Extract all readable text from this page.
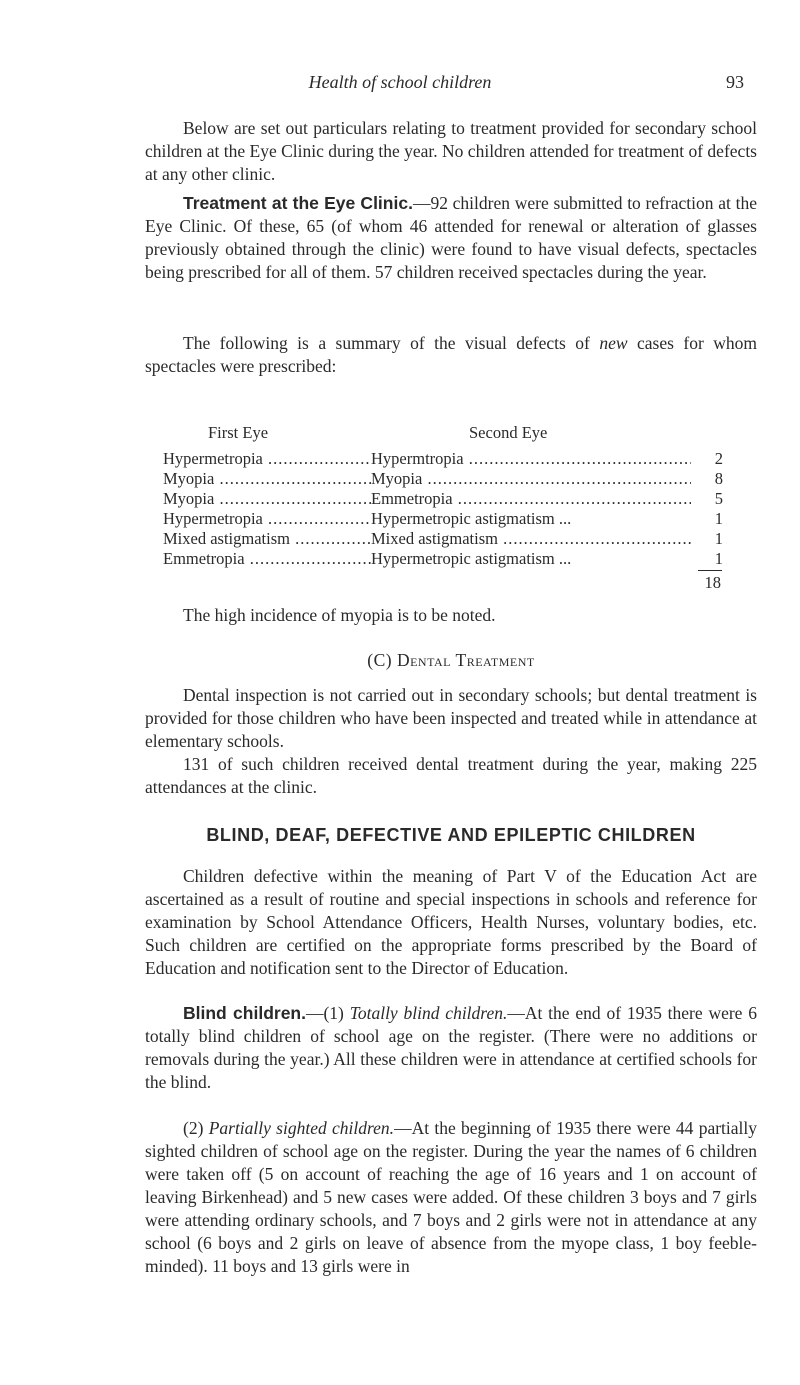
Health of school children	93

Below are set out particulars relating to treatment provided for secondary school children at the Eye Clinic during the year. No children attended for treatment of defects at any other clinic.

Treatment at the Eye Clinic.—92 children were submitted to refraction at the Eye Clinic. Of these, 65 (of whom 46 attended for renewal or alteration of glasses previously obtained through the clinic) were found to have visual defects, spectacles being prescribed for all of them. 57 children received spectacles during the year.

The following is a summary of the visual defects of new cases for whom spectacles were prescribed:

First Eye	Second Eye
Hypermetropia .....	Hypermtropia .....	2
Myopia .....	Myopia .....	8
Myopia .....	Emmetropia .....	5
Hypermetropia .....	Hypermetropic astigmatism ...	1
Mixed astigmatism .....	Mixed astigmatism .....	1
Emmetropia .....	Hypermetropic astigmatism ...	1
18

The high incidence of myopia is to be noted.

(C) Dental Treatment

Dental inspection is not carried out in secondary schools; but dental treatment is provided for those children who have been inspected and treated while in attendance at elementary schools.

131 of such children received dental treatment during the year, making 225 attendances at the clinic.

BLIND, DEAF, DEFECTIVE AND EPILEPTIC CHILDREN

Children defective within the meaning of Part V of the Education Act are ascertained as a result of routine and special inspections in schools and reference for examination by School Attendance Officers, Health Nurses, voluntary bodies, etc. Such children are certified on the appropriate forms prescribed by the Board of Education and notification sent to the Director of Education.

Blind children.—(1) Totally blind children.—At the end of 1935 there were 6 totally blind children of school age on the register. (There were no additions or removals during the year.) All these children were in attendance at certified schools for the blind.

(2) Partially sighted children.—At the beginning of 1935 there were 44 partially sighted children of school age on the register. During the year the names of 6 children were taken off (5 on account of reaching the age of 16 years and 1 on account of leaving Birkenhead) and 5 new cases were added. Of these children 3 boys and 7 girls were attending ordinary schools, and 7 boys and 2 girls were not in attendance at any school (6 boys and 2 girls on leave of absence from the myope class, 1 boy feeble-minded). 11 boys and 13 girls were in
